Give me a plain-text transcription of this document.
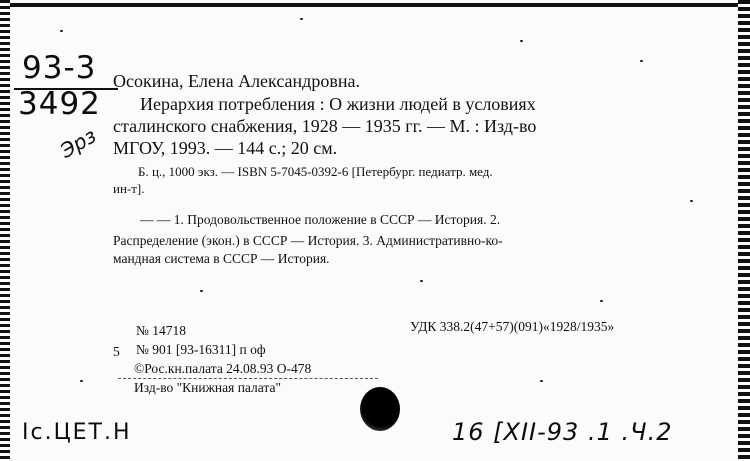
93-3
3492
Эрз
Осокина, Елена Александровна.
Иерархия потребления : О жизни людей в условиях
сталинского снабжения, 1928 — 1935 гг. — М. : Изд-во
МГОУ, 1993. — 144 с.; 20 см.
Б. ц., 1000 экз. — ISBN 5-7045-0392-6 [Петербург. педиатр. мед.
ин-т].
— — 1. Продовольственное положение в СССР — История. 2.
Распределение (экон.) в СССР — История. 3. Административно-ко-
мандная система в СССР — История.
№ 14718	УДК 338.2(47+57)(091)«1928/1935»
5 № 901 [93-16311] п оф
©Рос.кн.палата 24.08.93 О-478
Изд-во "Книжная палата"
Ic.ЦЕТ.Н	16 [XII-93 .1 .Ч.2
